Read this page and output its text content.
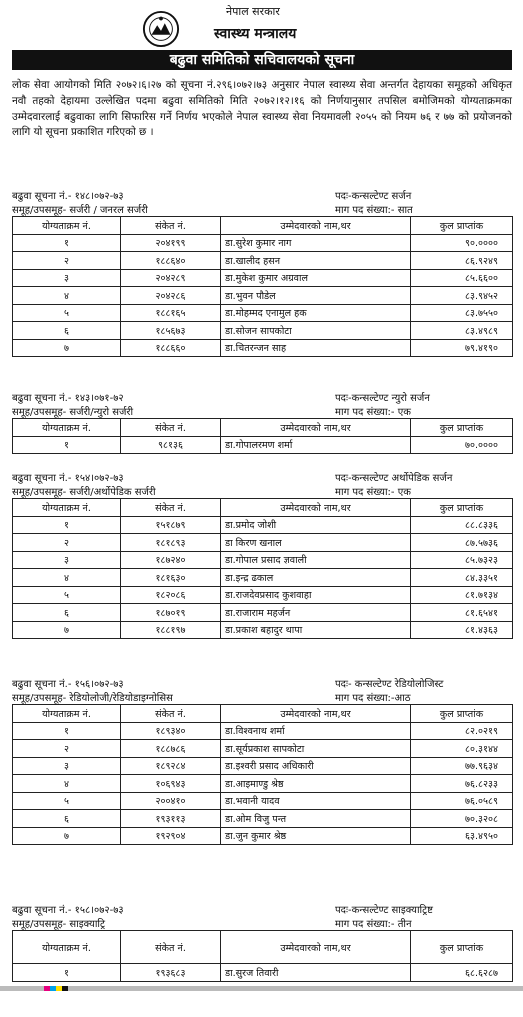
नेपाल सरकार
स्वास्थ्य मन्त्रालय
बढुवा समितिको सचिवालयको सूचना
लोक सेवा आयोगको मिति २०७२।६।२७ को सूचना नं.२९६।०७२।७३ अनुसार नेपाल स्वास्थ्य सेवा अन्तर्गत देहायका समूहको अधिकृत नवौ तहको देहायमा उल्लेखित पदमा बढुवा समितिको मिति २०७२।१२।१६ को निर्णयानुसार तपसिल बमोजिमको योग्यताक्रमका उम्मेदवारलाई बढुवाका लागि सिफारिस गर्ने निर्णय भएकोले नेपाल स्वास्थ्य सेवा नियमावली २०५५ को नियम ७६ र ७७ को प्रयोजनको लागि यो सूचना प्रकाशित गरिएको छ ।
बढुवा सूचना नं.- १४८।०७२-७३	पदः-कन्सल्टेण्ट सर्जन
समूह/उपसमूह- सर्जरी / जनरल सर्जरी	माग पद संख्या:- सात
योग्यताक्रम नं.	संकेत नं.	उम्मेदवारको नाम,थर	कुल प्राप्तांक
१	२०४१९९	डा.सुरेश कुमार नाग	९०.००००
२	१८८६४०	डा.खालीद हसन	८६.९२४९
३	२०४२८९	डा.मुकेश कुमार अग्रवाल	८५.६६००
४	२०४२८६	डा.भुवन पौडेल	८३.९४५२
५	१८८१६५	डा.मोहम्मद एनामुल हक	८३.७५५०
६	१८५६७३	डा.सोजन सापकोटा	८३.४९८९
७	१८८६६०	डा.चितरन्जन साह	७९.४१९०
बढुवा सूचना नं.- १४३।०७१-७२	पदः-कन्सल्टेण्ट न्युरो सर्जन
समूह/उपसमूह- सर्जरी/न्युरो सर्जरी	माग पद संख्या:- एक
योग्यताक्रम नं.	संकेत नं.	उम्मेदवारको नाम,थर	कुल प्राप्तांक
१	९८१३६	डा.गोपालरमण शर्मा	७०.००००
बढुवा सूचना नं.- १५४।०७२-७३	पदः-कन्सल्टेण्ट अर्थोपेडिक सर्जन
समूह/उपसमूह- सर्जरी/अर्थोपेडिक सर्जरी	माग पद संख्या:- एक
योग्यताक्रम नं.	संकेत नं.	उम्मेदवारको नाम,थर	कुल प्राप्तांक
१	१५१८७९	डा.प्रमोद जोशी	८८.८३३६
२	१८१८९३	डा किरण खनाल	८७.५७३६
३	१८७२४०	डा.गोपाल प्रसाद ज्ञवाली	८५.७३२३
४	१८१६३०	डा.इन्द्र ढकाल	८४.३३५१
५	१८२०८६	डा.राजदेवप्रसाद कुशवाहा	८१.७१३४
६	१८७०१९	डा.राजाराम महर्जन	८१.६५४१
७	१८८१९७	डा.प्रकाश बहादुर थापा	८१.४३६३
बढुवा सूचना नं.- १५६।०७२-७३	पदः- कन्सल्टेण्ट रेडियोलोजिस्ट
समूह/उपसमूह- रेडियोलोजी/रेडियोडाइग्नोसिस	माग पद संख्या:-आठ
योग्यताक्रम नं.	संकेत नं.	उम्मेदवारको नाम,थर	कुल प्राप्तांक
१	१८९३४०	डा.विश्वनाथ शर्मा	८२.०२१९
२	१८८७८६	डा.सूर्यप्रकाश सापकोटा	८०.३१४४
३	१८९२८४	डा.इश्वरी प्रसाद अधिकारी	७७.९६३४
४	१०६९४३	डा.आइमाण्डु श्रेष्ठ	७६.८२३३
५	२००४१०	डा.भवानी यादव	७६.०५८९
६	१९३११३	डा.ओम विजु पन्त	७०.३२०८
७	१९२९०४	डा.जुन कुमार श्रेष्ठ	६३.४९५०
बढुवा सूचना नं.- १५८।०७२-७३	पदः-कन्सल्टेण्ट साइक्याट्रिष्ट
समूह/उपसमूह- साइक्याट्रि	माग पद संख्या:- तीन
योग्यताक्रम नं.	संकेत नं.	उम्मेदवारको नाम,थर	कुल प्राप्तांक
१	१९३६८३	डा.सुरज तिवारी	६८.६२८७
